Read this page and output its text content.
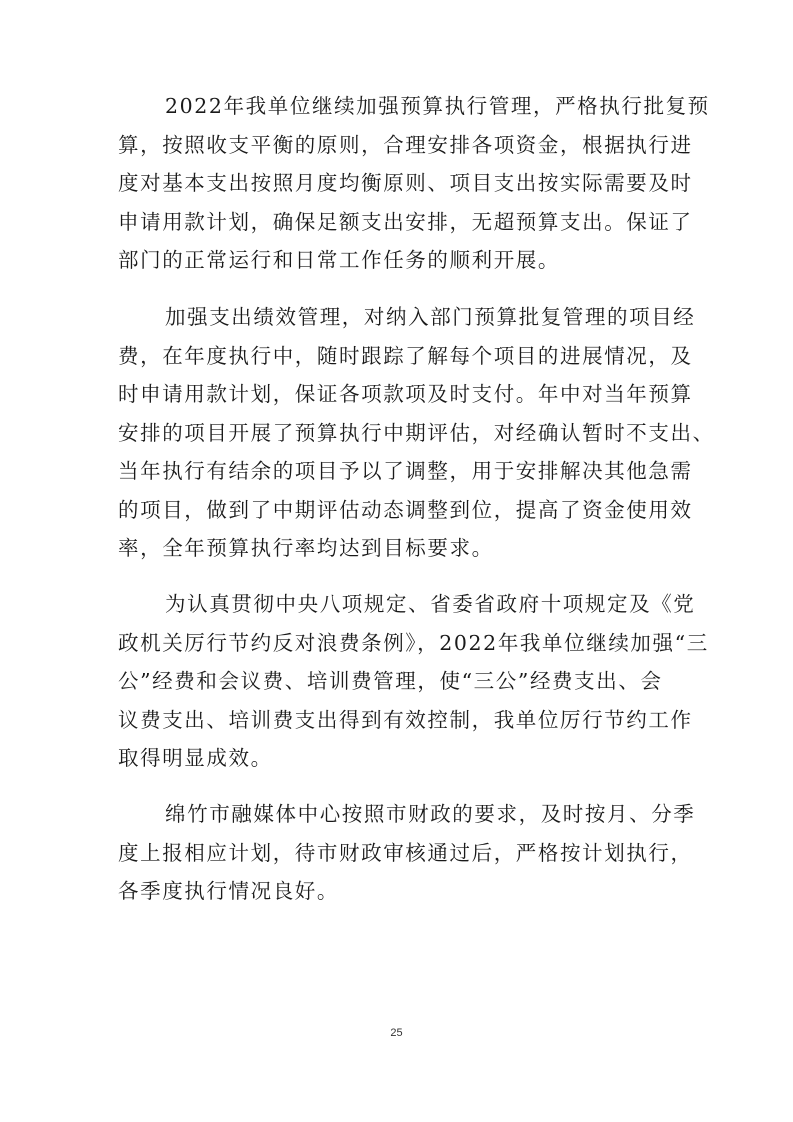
2022年我单位继续加强预算执行管理，严格执行批复预
算，按照收支平衡的原则，合理安排各项资金，根据执行进
度对基本支出按照月度均衡原则、项目支出按实际需要及时
申请用款计划，确保足额支出安排，无超预算支出。保证了
部门的正常运行和日常工作任务的顺利开展。
加强支出绩效管理，对纳入部门预算批复管理的项目经
费，在年度执行中，随时跟踪了解每个项目的进展情况，及
时申请用款计划，保证各项款项及时支付。年中对当年预算
安排的项目开展了预算执行中期评估，对经确认暂时不支出、
当年执行有结余的项目予以了调整，用于安排解决其他急需
的项目，做到了中期评估动态调整到位，提高了资金使用效
率，全年预算执行率均达到目标要求。
为认真贯彻中央八项规定、省委省政府十项规定及《党
政机关厉行节约反对浪费条例》，2022年我单位继续加强“三
公”经费和会议费、培训费管理，使“三公”经费支出、会
议费支出、培训费支出得到有效控制，我单位厉行节约工作
取得明显成效。
绵竹市融媒体中心按照市财政的要求，及时按月、分季
度上报相应计划，待市财政审核通过后，严格按计划执行，
各季度执行情况良好。
25
